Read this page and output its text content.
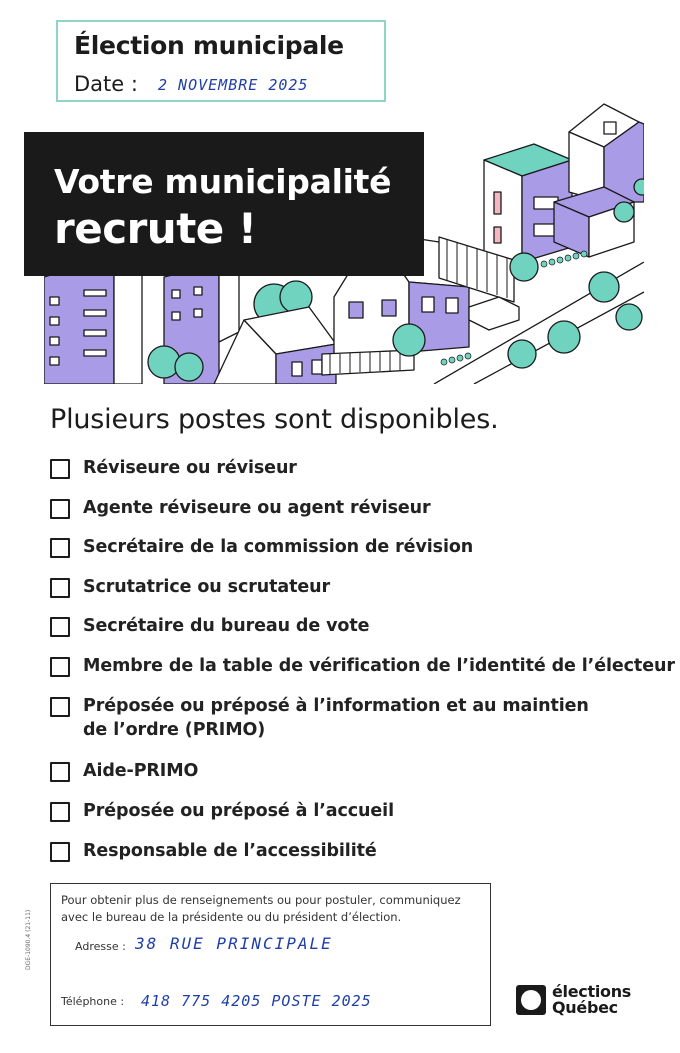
Élection municipale
Date : 2 NOVEMBRE 2025
Votre municipalité
recrute !
Plusieurs postes sont disponibles.
Réviseure ou réviseur
Agente réviseure ou agent réviseur
Secrétaire de la commission de révision
Scrutatrice ou scrutateur
Secrétaire du bureau de vote
Membre de la table de vérification de l’identité de l’électeur
Préposée ou préposé à l’information et au maintien
de l’ordre (PRIMO)
Aide-PRIMO
Préposée ou préposé à l’accueil
Responsable de l’accessibilité
Pour obtenir plus de renseignements ou pour postuler, communiquez
avec le bureau de la présidente ou du président d’élection.
Adresse : 38 RUE PRINCIPALE
Téléphone : 418 775 4205 POSTE 2025
DGE-1090.4 (21-11)
élections
Québec
